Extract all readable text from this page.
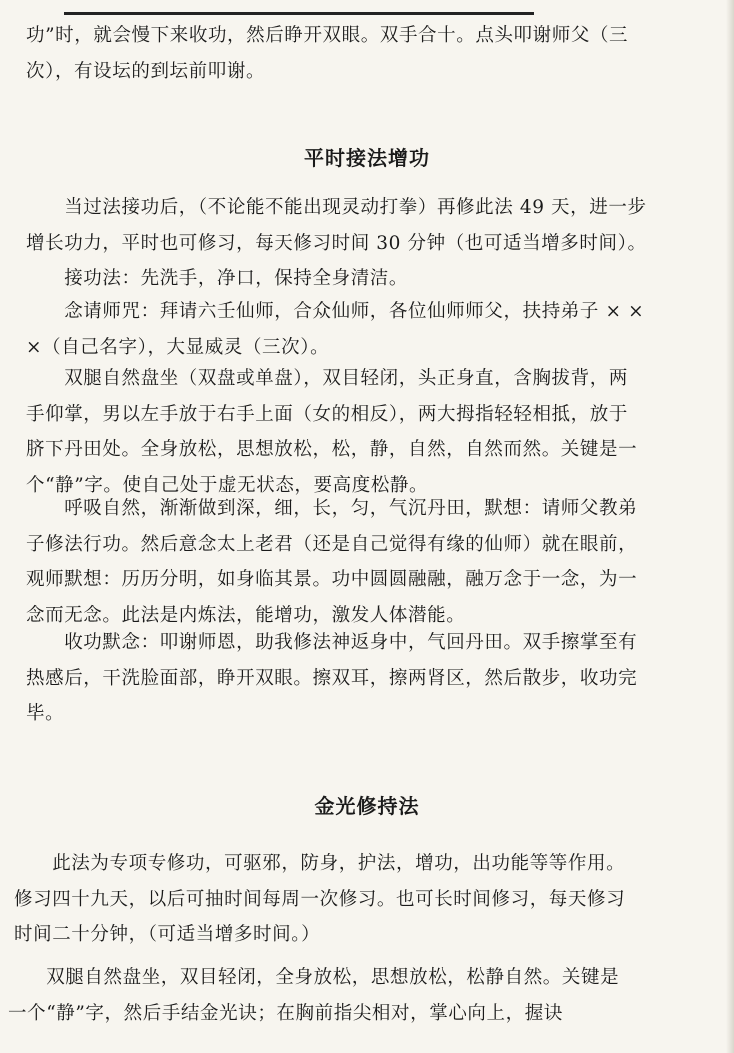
功”时，就会慢下来收功，然后睁开双眼。双手合十。点头叩谢师父（三

次），有设坛的到坛前叩谢。

平时接法增功

　　当过法接功后，（不论能不能出现灵动打拳）再修此法 49 天，进一步
增长功力，平时也可修习，每天修习时间 30 分钟（也可适当增多时间）。

　　接功法：先洗手，净口，保持全身清洁。

　　念请师咒：拜请六壬仙师，合众仙师，各位仙师师父，扶持弟子 × ×
×（自己名字），大显威灵（三次）。

　　双腿自然盘坐（双盘或单盘），双目轻闭，头正身直，含胸拔背，两
手仰掌，男以左手放于右手上面（女的相反），两大拇指轻轻相抵，放于
脐下丹田处。全身放松，思想放松，松，静，自然，自然而然。关键是一
个“静”字。使自己处于虚无状态，要高度松静。

　　呼吸自然，渐渐做到深，细，长，匀，气沉丹田，默想：请师父教弟
子修法行功。然后意念太上老君（还是自己觉得有缘的仙师）就在眼前，
观师默想：历历分明，如身临其景。功中圆圆融融，融万念于一念，为一
念而无念。此法是内炼法，能增功，激发人体潜能。

　　收功默念：叩谢师恩，助我修法神返身中，气回丹田。双手擦掌至有
热感后，干洗脸面部，睁开双眼。擦双耳，擦两肾区，然后散步，收功完
毕。

金光修持法

　　此法为专项专修功，可驱邪，防身，护法，增功，出功能等等作用。
修习四十九天，以后可抽时间每周一次修习。也可长时间修习，每天修习
时间二十分钟，（可适当增多时间。）

　　双腿自然盘坐，双目轻闭，全身放松，思想放松，松静自然。关键是
一个“静”字，然后手结金光诀；在胸前指尖相对，掌心向上，握诀
